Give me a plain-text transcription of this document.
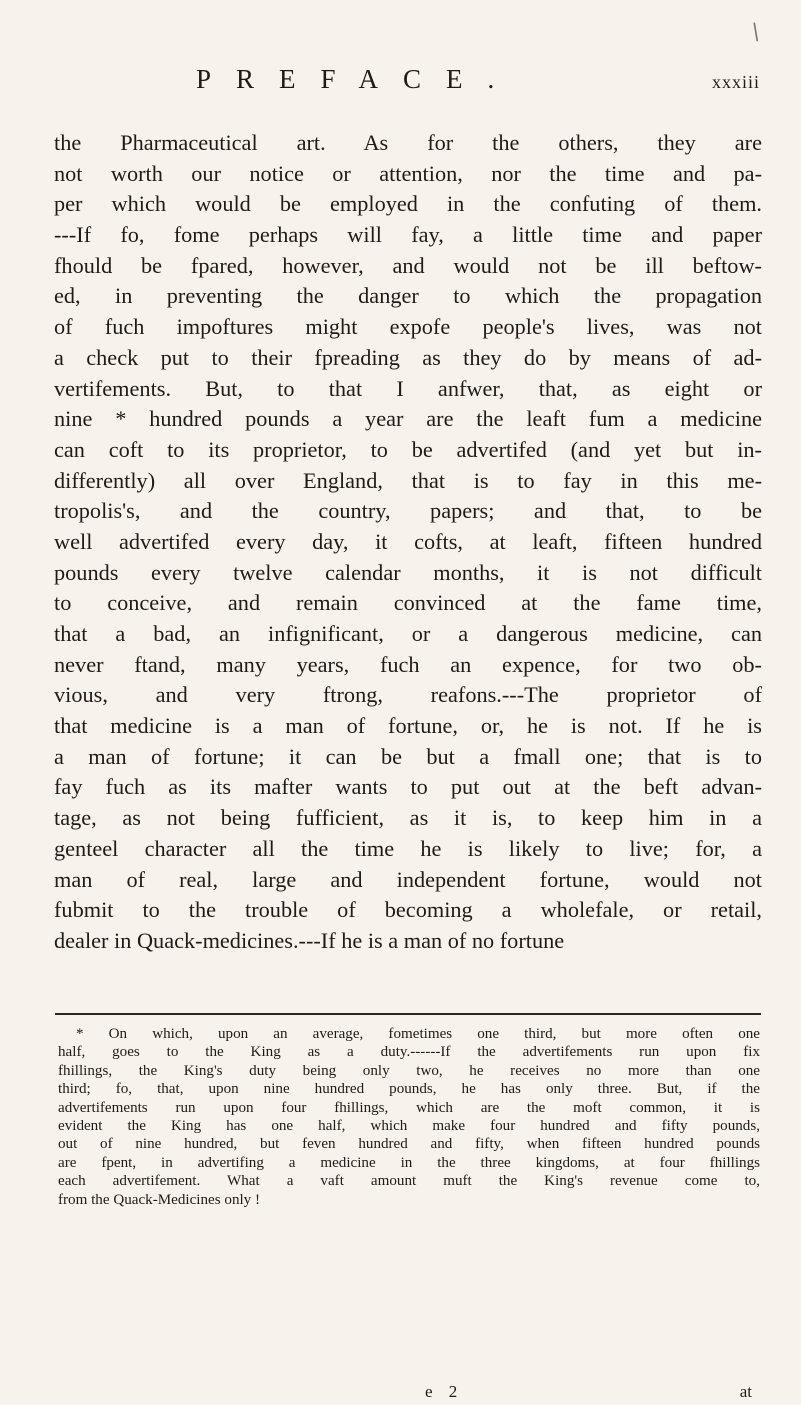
\
PREFACE.	xxxiii
the Pharmaceutical art. As for the others, they are
not worth our notice or attention, nor the time and pa-
per which would be employed in the confuting of them.
---If fo, fome perhaps will fay, a little time and paper
fhould be fpared, however, and would not be ill beftow-
ed, in preventing the danger to which the propagation
of fuch impoftures might expofe people's lives, was not
a check put to their fpreading as they do by means of ad-
vertifements. But, to that I anfwer, that, as eight or
nine * hundred pounds a year are the leaft fum a medicine
can coft to its proprietor, to be advertifed (and yet but in-
differently) all over England, that is to fay in this me-
tropolis's, and the country, papers; and that, to be
well advertifed every day, it cofts, at leaft, fifteen hundred
pounds every twelve calendar months, it is not difficult
to conceive, and remain convinced at the fame time,
that a bad, an infignificant, or a dangerous medicine, can
never ftand, many years, fuch an expence, for two ob-
vious, and very ftrong, reafons.---The proprietor of
that medicine is a man of fortune, or, he is not. If he is
a man of fortune; it can be but a fmall one; that is to
fay fuch as its mafter wants to put out at the beft advan-
tage, as not being fufficient, as it is, to keep him in a
genteel character all the time he is likely to live; for, a
man of real, large and independent fortune, would not
fubmit to the trouble of becoming a wholefale, or retail,
dealer in Quack-medicines.---If he is a man of no fortune
* On which, upon an average, fometimes one third, but more often one
half, goes to the King as a duty.------If the advertifements run upon fix
fhillings, the King's duty being only two, he receives no more than one
third; fo, that, upon nine hundred pounds, he has only three. But, if the
advertifements run upon four fhillings, which are the moft common, it is
evident the King has one half, which make four hundred and fifty pounds,
out of nine hundred, but feven hundred and fifty, when fifteen hundred pounds
are fpent, in advertifing a medicine in the three kingdoms, at four fhillings
each advertifement. What a vaft amount muft the King's revenue come to,
from the Quack-Medicines only !
e 2	at
